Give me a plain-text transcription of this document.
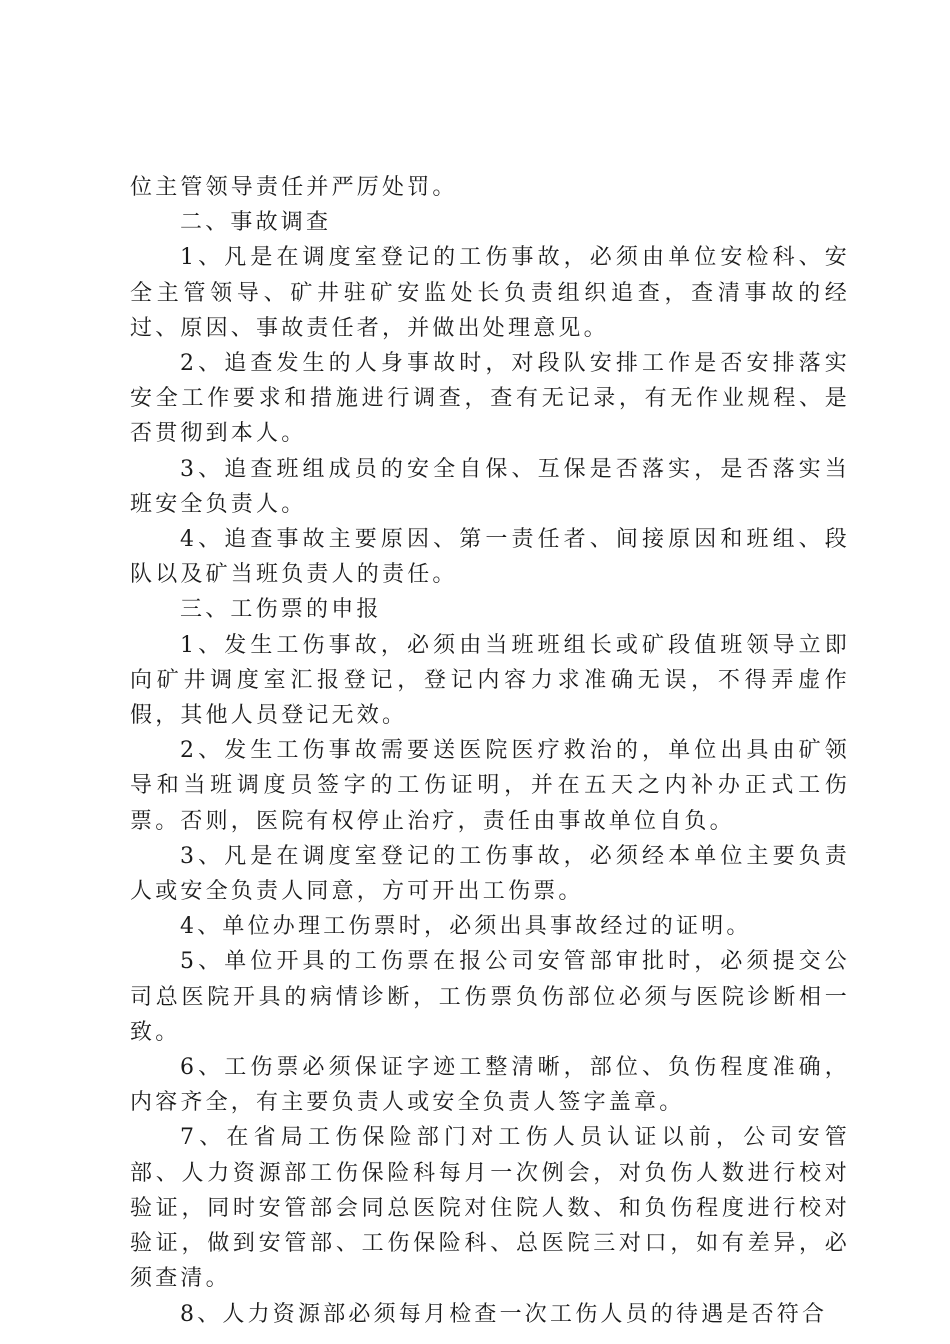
位主管领导责任并严厉处罚。

二、事故调查

1、凡是在调度室登记的工伤事故，必须由单位安检科、安全主管领导、矿井驻矿安监处长负责组织追查，查清事故的经过、原因、事故责任者，并做出处理意见。

2、追查发生的人身事故时，对段队安排工作是否安排落实安全工作要求和措施进行调查，查有无记录，有无作业规程、是否贯彻到本人。

3、追查班组成员的安全自保、互保是否落实，是否落实当班安全负责人。

4、追查事故主要原因、第一责任者、间接原因和班组、段队以及矿当班负责人的责任。

三、工伤票的申报

1、发生工伤事故，必须由当班班组长或矿段值班领导立即向矿井调度室汇报登记，登记内容力求准确无误，不得弄虚作假，其他人员登记无效。

2、发生工伤事故需要送医院医疗救治的，单位出具由矿领导和当班调度员签字的工伤证明，并在五天之内补办正式工伤票。否则，医院有权停止治疗，责任由事故单位自负。

3、凡是在调度室登记的工伤事故，必须经本单位主要负责人或安全负责人同意，方可开出工伤票。

4、单位办理工伤票时，必须出具事故经过的证明。

5、单位开具的工伤票在报公司安管部审批时，必须提交公司总医院开具的病情诊断，工伤票负伤部位必须与医院诊断相一致。

6、工伤票必须保证字迹工整清晰，部位、负伤程度准确，内容齐全，有主要负责人或安全负责人签字盖章。

7、在省局工伤保险部门对工伤人员认证以前，公司安管部、人力资源部工伤保险科每月一次例会，对负伤人数进行校对验证，同时安管部会同总医院对住院人数、和负伤程度进行校对验证，做到安管部、工伤保险科、总医院三对口，如有差异，必须查清。

8、人力资源部必须每月检查一次工伤人员的待遇是否符合
